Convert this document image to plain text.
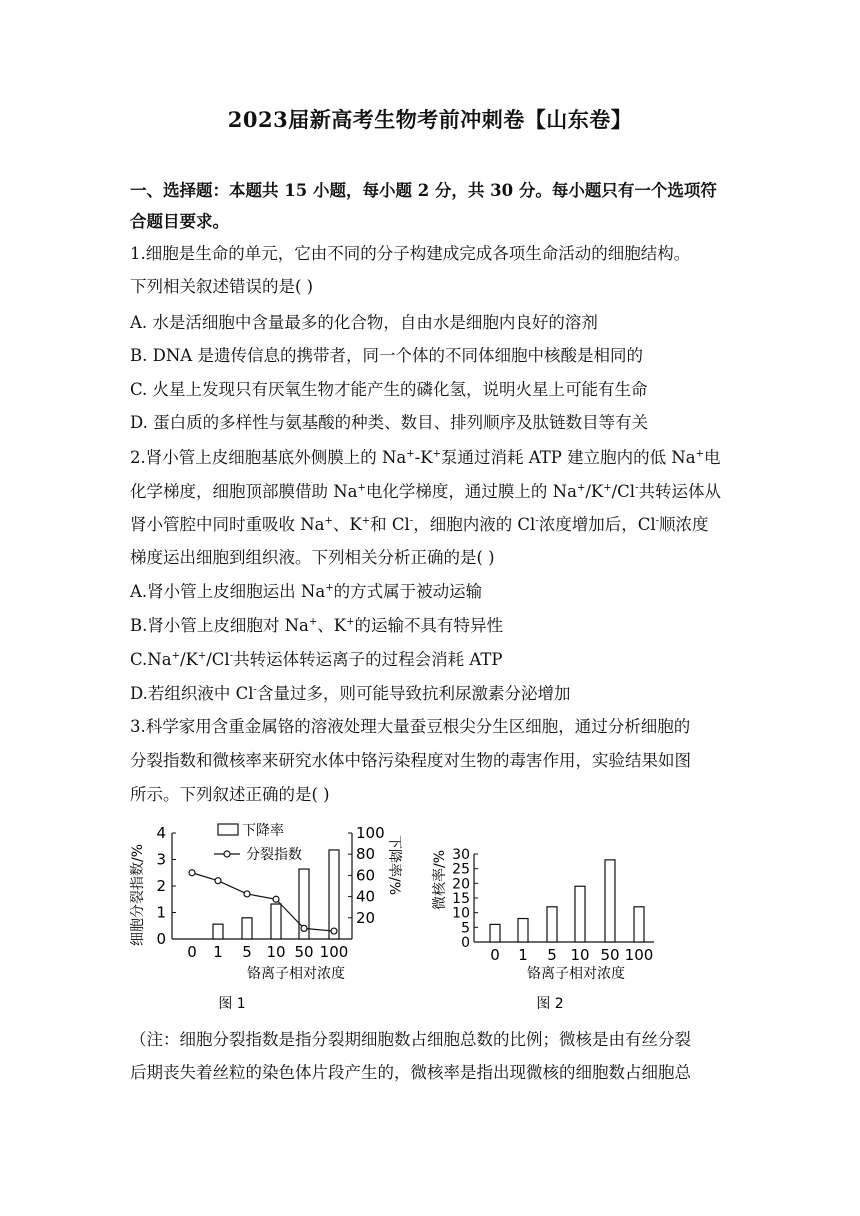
2023届新高考生物考前冲刺卷【山东卷】
一、选择题：本题共 15 小题，每小题 2 分，共 30 分。每小题只有一个选项符
合题目要求。
1.细胞是生命的单元，它由不同的分子构建成完成各项生命活动的细胞结构。
下列相关叙述错误的是( )
A. 水是活细胞中含量最多的化合物，自由水是细胞内良好的溶剂
B. DNA 是遗传信息的携带者，同一个体的不同体细胞中核酸是相同的
C. 火星上发现只有厌氧生物才能产生的磷化氢，说明火星上可能有生命
D. 蛋白质的多样性与氨基酸的种类、数目、排列顺序及肽链数目等有关
2.肾小管上皮细胞基底外侧膜上的 Na+-K+泵通过消耗 ATP 建立胞内的低 Na+电
化学梯度，细胞顶部膜借助 Na+电化学梯度，通过膜上的 Na+/K+/Cl-共转运体从
肾小管腔中同时重吸收 Na+、K+和 Cl-，细胞内液的 Cl-浓度增加后，Cl-顺浓度
梯度运出细胞到组织液。下列相关分析正确的是( )
A.肾小管上皮细胞运出 Na+的方式属于被动运输
B.肾小管上皮细胞对 Na+、K+的运输不具有特异性
C.Na+/K+/Cl-共转运体转运离子的过程会消耗 ATP
D.若组织液中 Cl-含量过多，则可能导致抗利尿激素分泌增加
3.科学家用含重金属铬的溶液处理大量蚕豆根尖分生区细胞，通过分析细胞的
分裂指数和微核率来研究水体中铬污染程度对生物的毒害作用，实验结果如图
所示。下列叙述正确的是( )
0
1
2
3
4
20
40
60
80
100
0 1 5 10 50 100
下降率
分裂指数
细胞分裂指数/%	下降率/%
铬离子相对浓度
图 1
0
5
10
15
20
25
30
0 1 5 10 50 100
微核率/%
铬离子相对浓度
图 2
（注：细胞分裂指数是指分裂期细胞数占细胞总数的比例；微核是由有丝分裂
后期丧失着丝粒的染色体片段产生的，微核率是指出现微核的细胞数占细胞总
